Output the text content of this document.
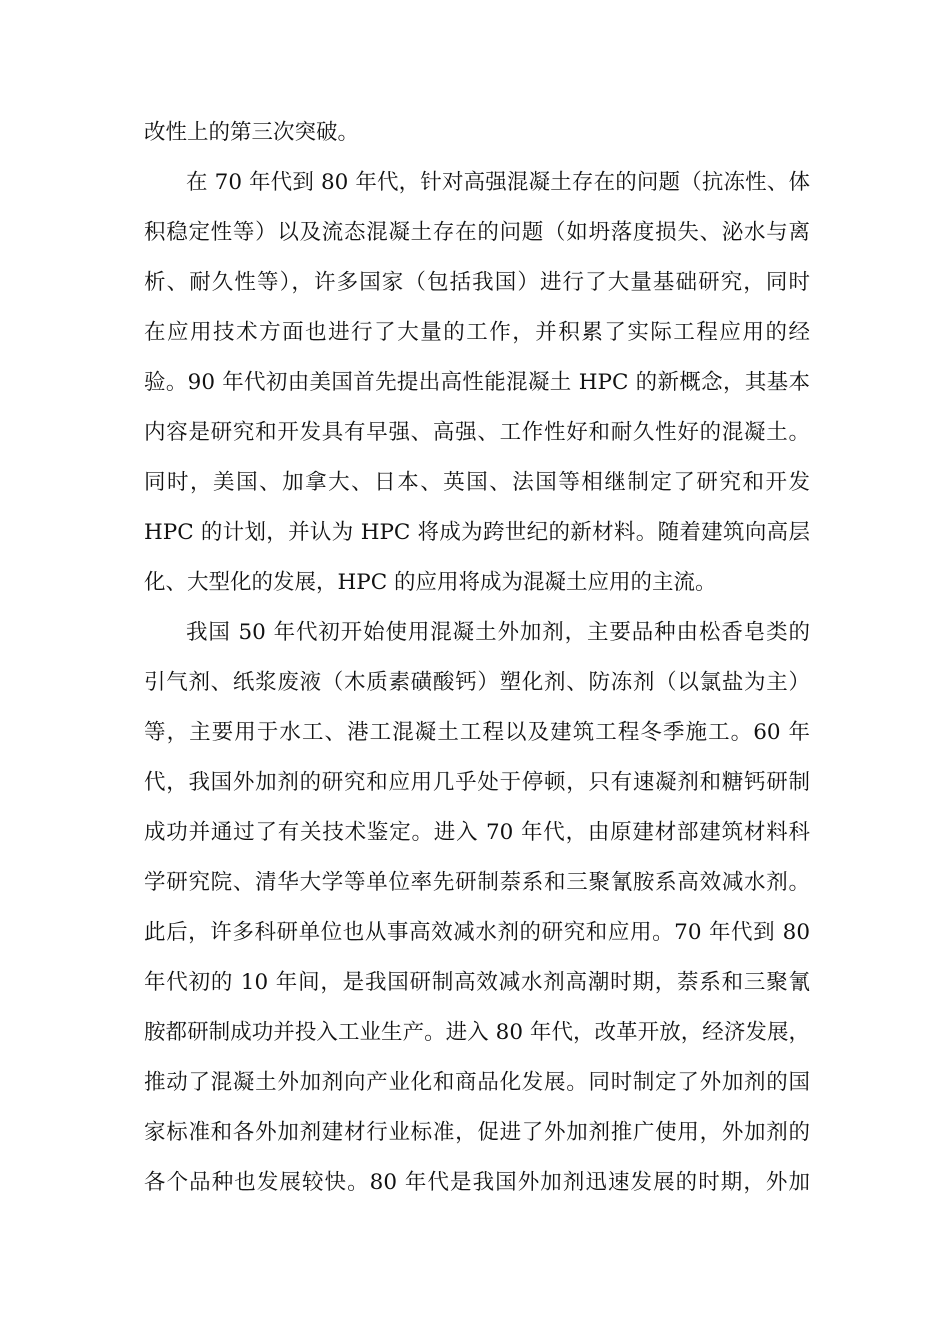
改性上的第三次突破。
在 70 年代到 80 年代，针对高强混凝土存在的问题（抗冻性、体
积稳定性等）以及流态混凝土存在的问题（如坍落度损失、泌水与离
析、耐久性等），许多国家（包括我国）进行了大量基础研究，同时
在应用技术方面也进行了大量的工作，并积累了实际工程应用的经
验。90 年代初由美国首先提出高性能混凝土 HPC 的新概念，其基本
内容是研究和开发具有早强、高强、工作性好和耐久性好的混凝土。
同时，美国、加拿大、日本、英国、法国等相继制定了研究和开发
HPC 的计划，并认为 HPC 将成为跨世纪的新材料。随着建筑向高层
化、大型化的发展，HPC 的应用将成为混凝土应用的主流。
我国 50 年代初开始使用混凝土外加剂，主要品种由松香皂类的
引气剂、纸浆废液（木质素磺酸钙）塑化剂、防冻剂（以氯盐为主）
等，主要用于水工、港工混凝土工程以及建筑工程冬季施工。60 年
代，我国外加剂的研究和应用几乎处于停顿，只有速凝剂和糖钙研制
成功并通过了有关技术鉴定。进入 70 年代，由原建材部建筑材料科
学研究院、清华大学等单位率先研制萘系和三聚氰胺系高效减水剂。
此后，许多科研单位也从事高效减水剂的研究和应用。70 年代到 80
年代初的 10 年间，是我国研制高效减水剂高潮时期，萘系和三聚氰
胺都研制成功并投入工业生产。进入 80 年代，改革开放，经济发展，
推动了混凝土外加剂向产业化和商品化发展。同时制定了外加剂的国
家标准和各外加剂建材行业标准，促进了外加剂推广使用，外加剂的
各个品种也发展较快。80 年代是我国外加剂迅速发展的时期，外加
